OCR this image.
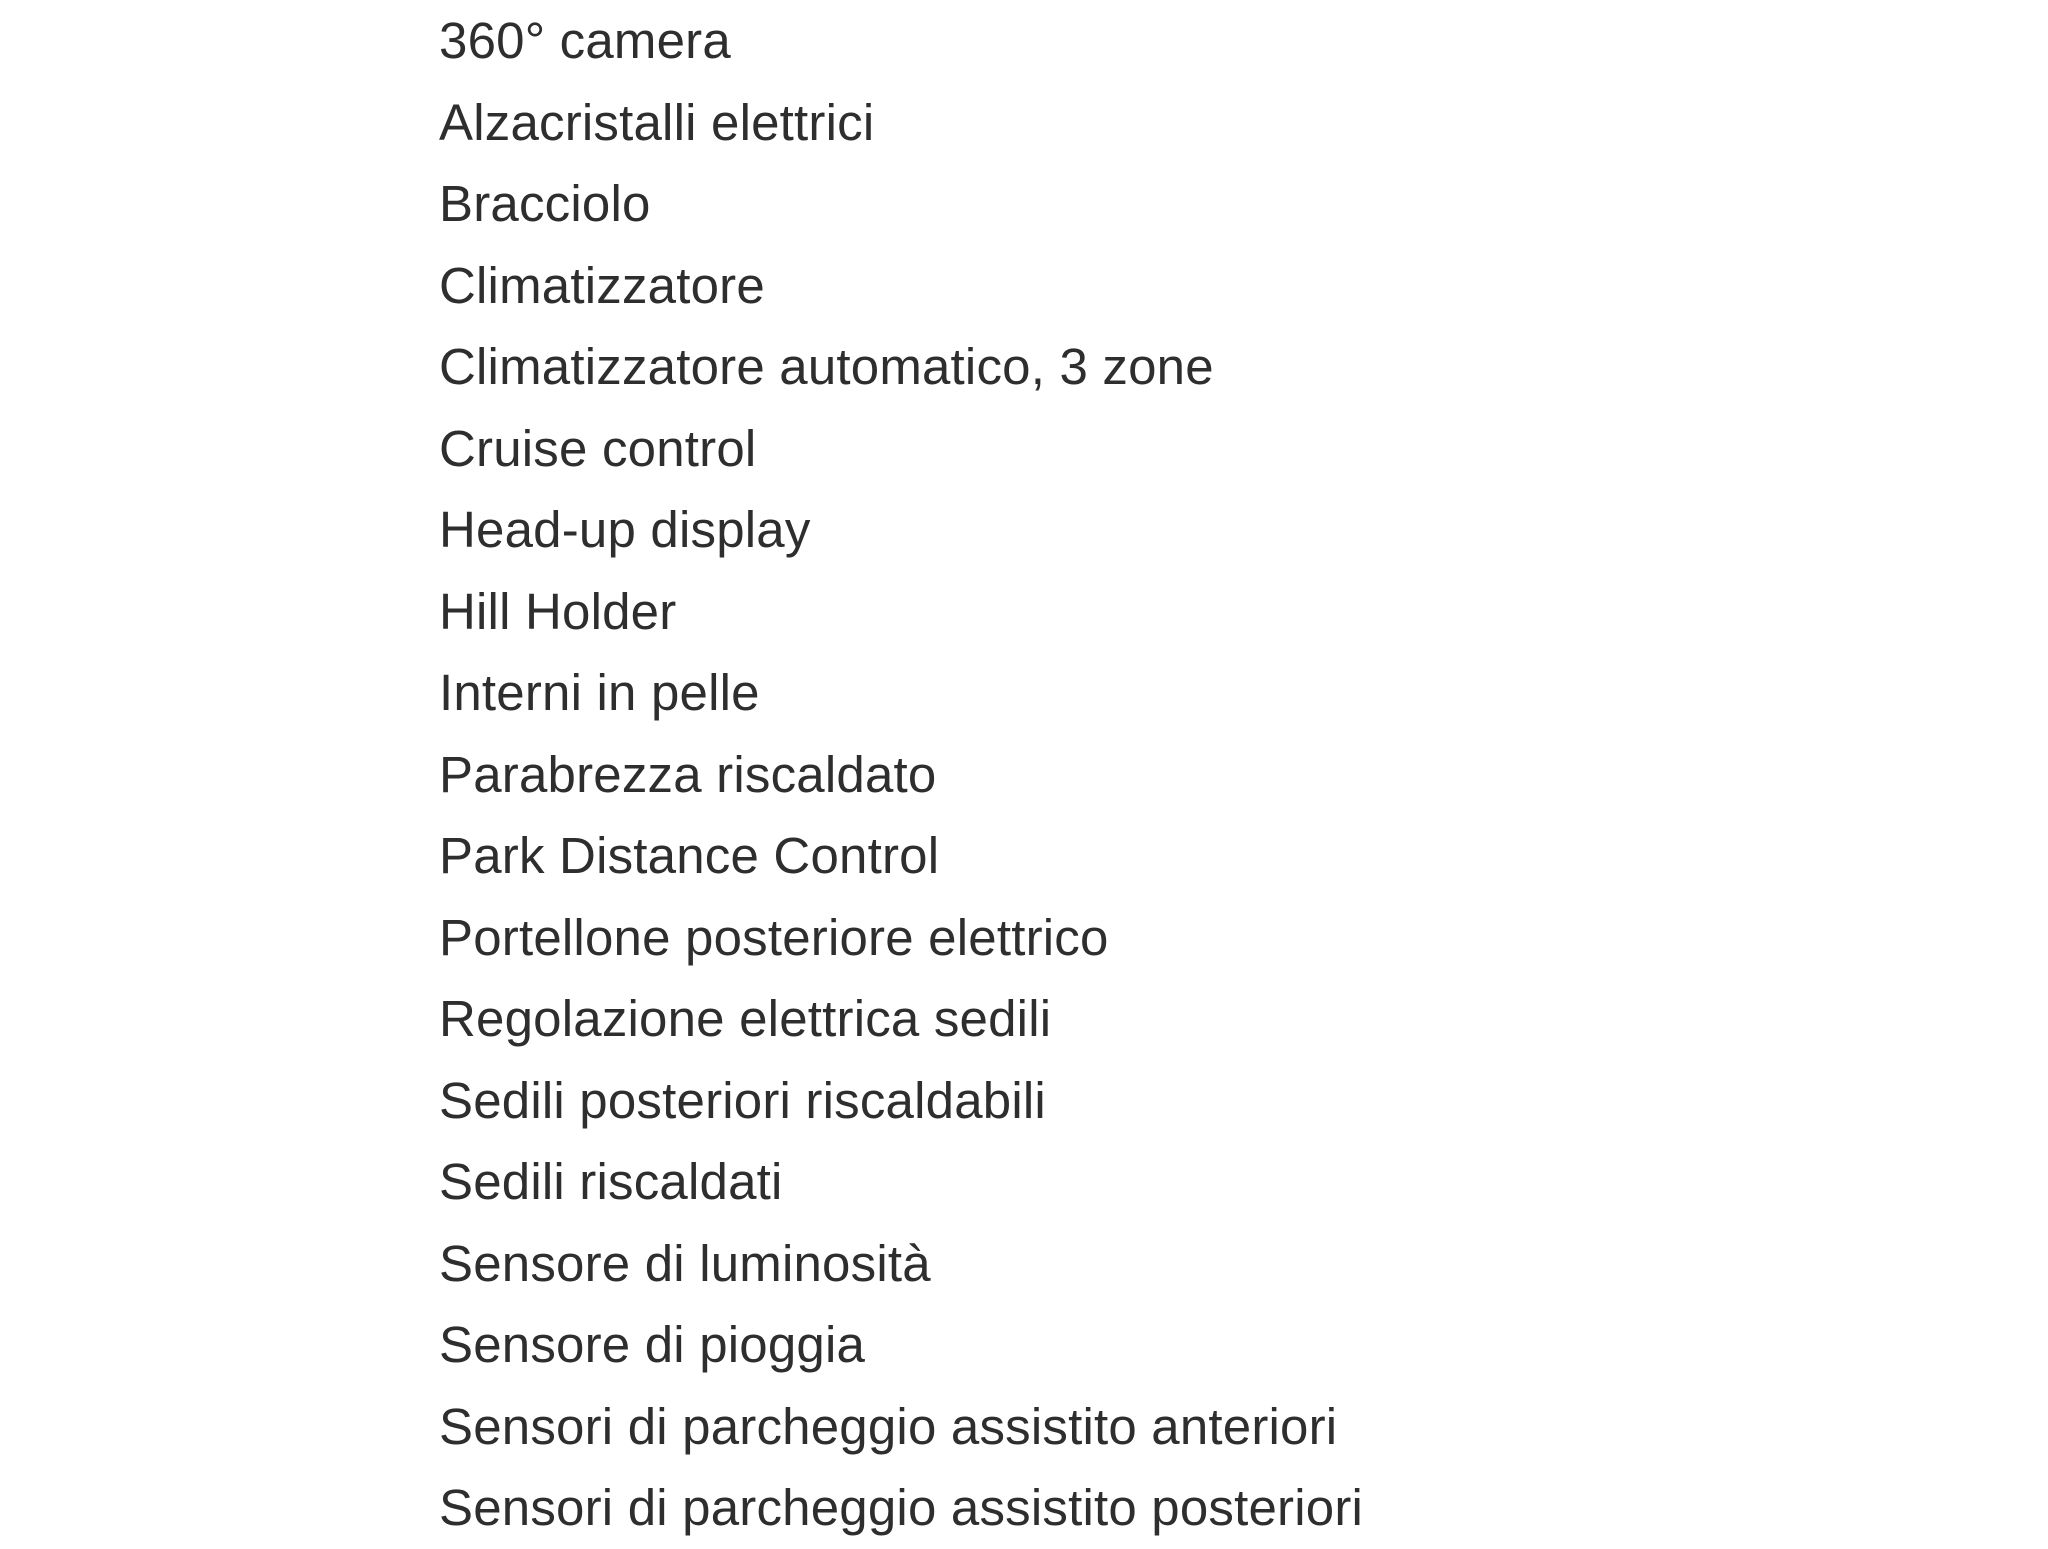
360° camera
Alzacristalli elettrici
Bracciolo
Climatizzatore
Climatizzatore automatico, 3 zone
Cruise control
Head-up display
Hill Holder
Interni in pelle
Parabrezza riscaldato
Park Distance Control
Portellone posteriore elettrico
Regolazione elettrica sedili
Sedili posteriori riscaldabili
Sedili riscaldati
Sensore di luminosità
Sensore di pioggia
Sensori di parcheggio assistito anteriori
Sensori di parcheggio assistito posteriori
